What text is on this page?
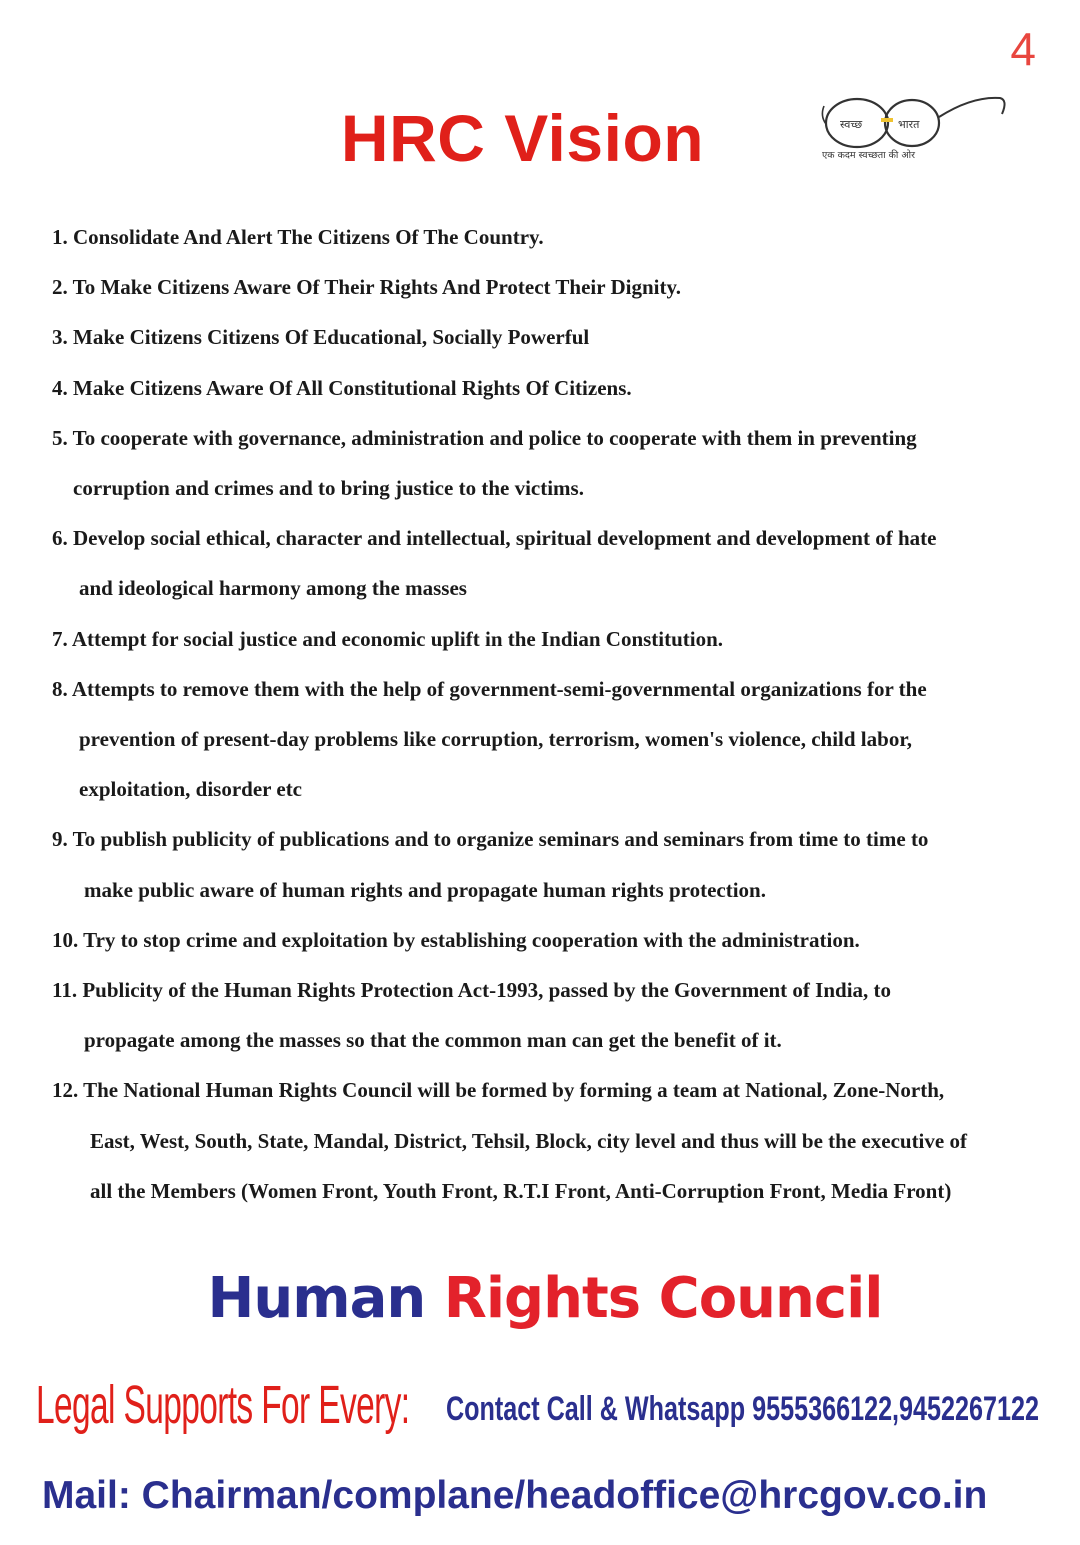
4
HRC Vision	स्वच्छ	भारत
एक कदम स्वच्छता की ओर
1. Consolidate And Alert The Citizens Of The Country.
2. To Make Citizens Aware Of Their Rights And Protect Their Dignity.
3. Make Citizens Citizens Of Educational, Socially Powerful
4. Make Citizens Aware Of All Constitutional Rights Of Citizens.
5. To cooperate with governance, administration and police to cooperate with them in preventing
corruption and crimes and to bring justice to the victims.
6. Develop social ethical, character and intellectual, spiritual development and development of hate
and ideological harmony among the masses
7. Attempt for social justice and economic uplift in the Indian Constitution.
8. Attempts to remove them with the help of government-semi-governmental organizations for the
prevention of present-day problems like corruption, terrorism, women's violence, child labor,
exploitation, disorder etc
9. To publish publicity of publications and to organize seminars and seminars from time to time to
make public aware of human rights and propagate human rights protection.
10. Try to stop crime and exploitation by establishing cooperation with the administration.
11. Publicity of the Human Rights Protection Act-1993, passed by the Government of India, to
propagate among the masses so that the common man can get the benefit of it.
12. The National Human Rights Council will be formed by forming a team at National, Zone-North,
East, West, South, State, Mandal, District, Tehsil, Block, city level and thus will be the executive of
all the Members (Women Front, Youth Front, R.T.I Front, Anti-Corruption Front, Media Front)
Human Rights Council
Legal Supports For Every: Contact Call & Whatsapp 9555366122,9452267122
Mail: Chairman/complane/headoffice@hrcgov.co.in
